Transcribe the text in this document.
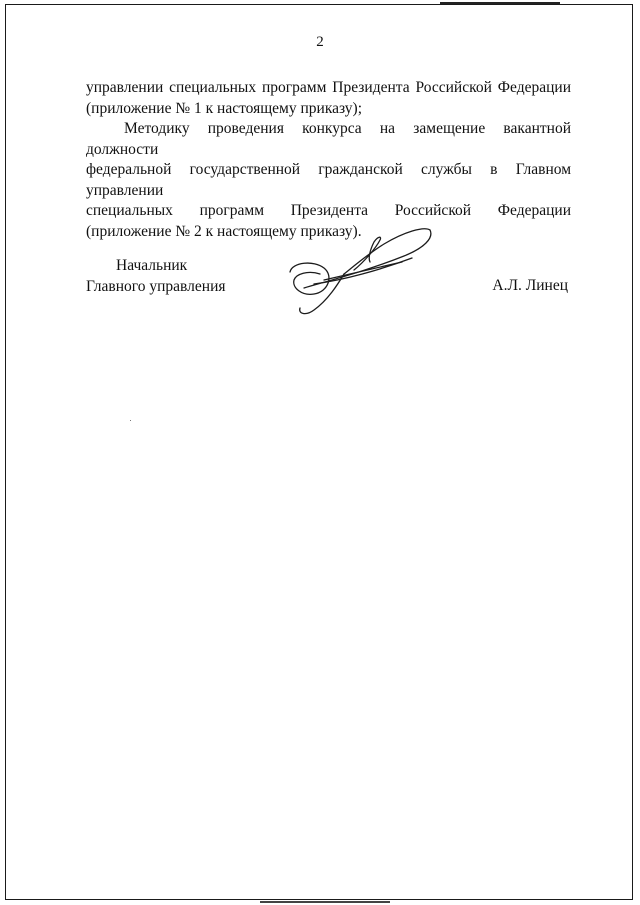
2

управлении специальных программ Президента Российской Федерации
(приложение № 1 к настоящему приказу);

Методику проведения конкурса на замещение вакантной должности
федеральной государственной гражданской службы в Главном управлении
специальных программ Президента Российской Федерации
(приложение № 2 к настоящему приказу).

Начальник
Главного управления	А.Л. Линец
